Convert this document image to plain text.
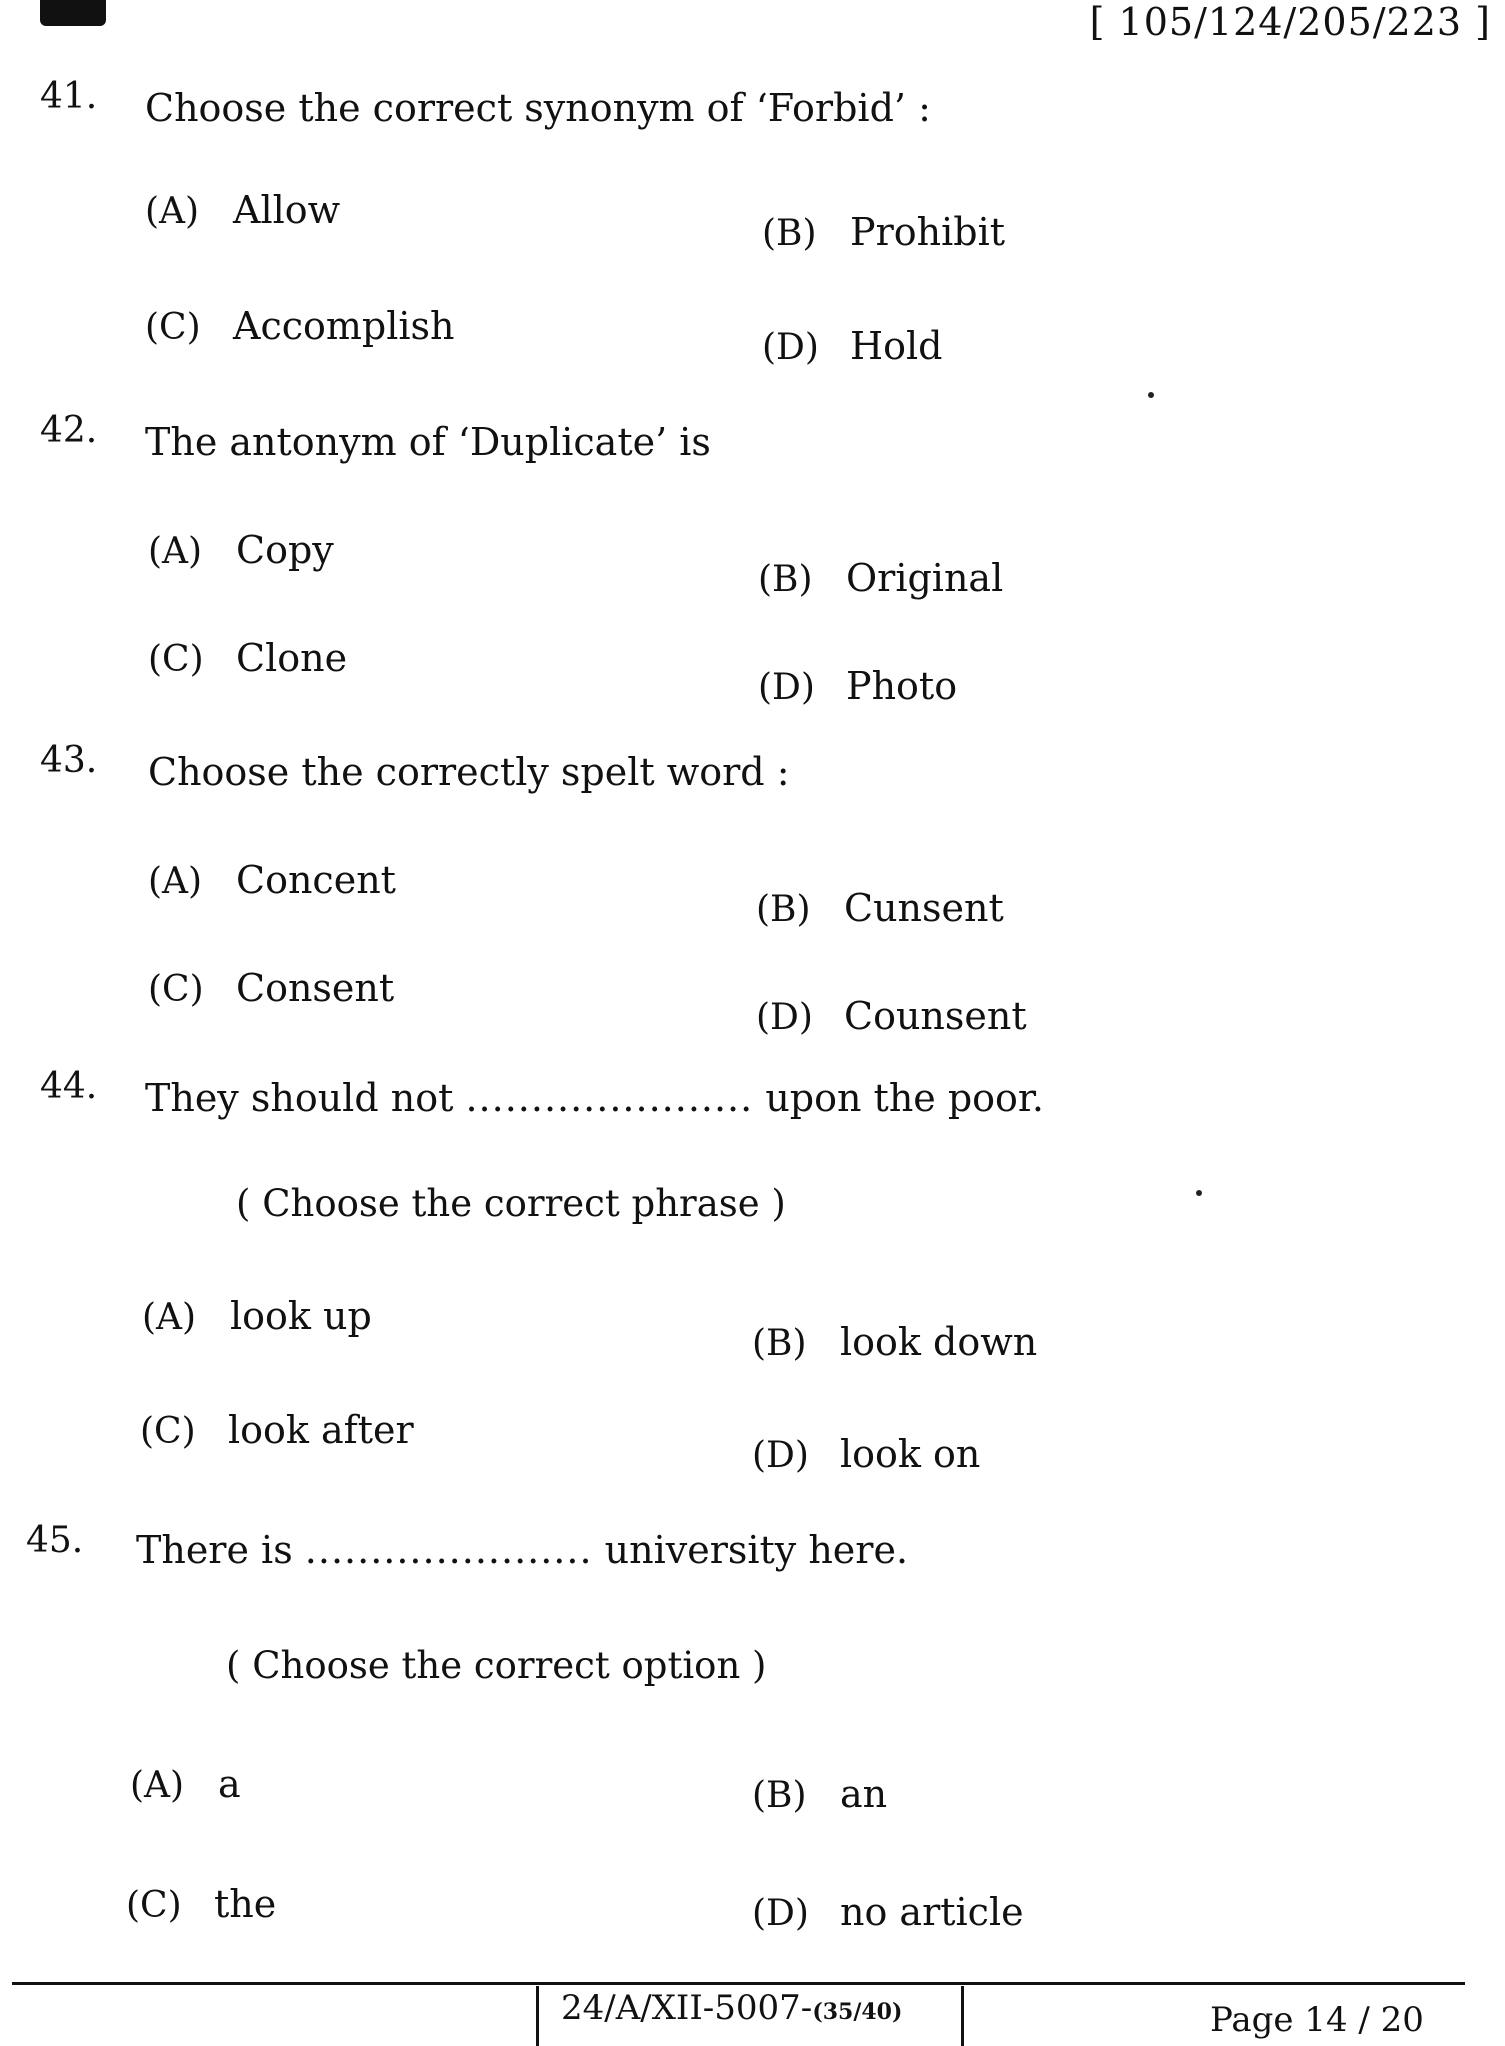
[ 105/124/205/223 ]
41. Choose the correct synonym of ‘Forbid’ :
(A) Allow
(B) Prohibit
(C) Accomplish	(D) Hold
42. The antonym of ‘Duplicate’ is
(A) Copy
(B) Original
(C) Clone
(D) Photo
43. Choose the correctly spelt word :
(A) Concent
(B) Cunsent
(C) Consent
(D) Counsent
44. They should not ...................... upon the poor.
( Choose the correct phrase )
(A) look up
(B) look down
(C) look after
(D) look on
45. There is ...................... university here.
( Choose the correct option )
(A) a	(B) an
(C) the	(D) no article
24/A/XII-5007-(35/40)	Page 14 / 20
